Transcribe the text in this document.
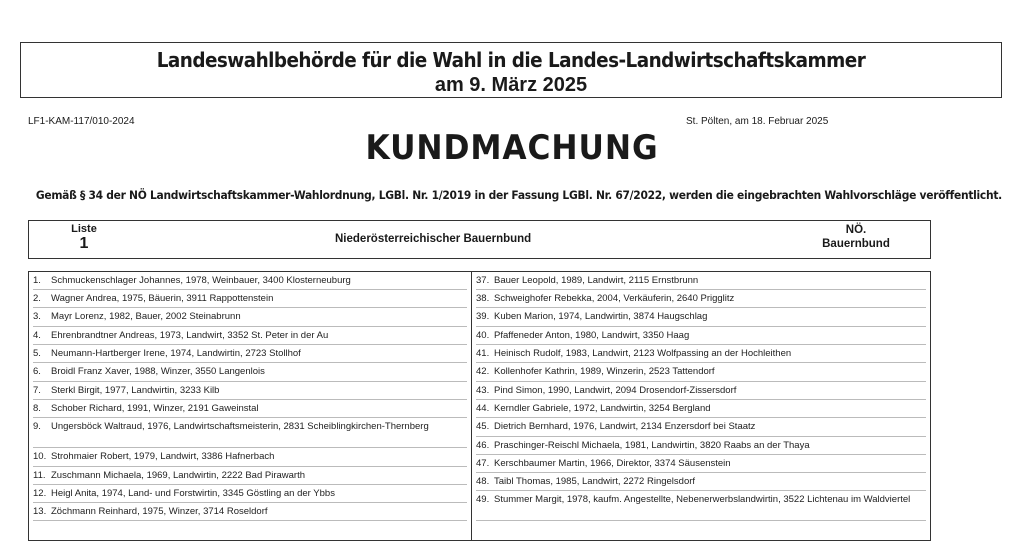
Landeswahlbehörde für die Wahl in die Landes-Landwirtschaftskammer
am 9. März 2025
LF1-KAM-117/010-2024	St. Pölten, am 18. Februar 2025
KUNDMACHUNG
Gemäß § 34 der NÖ Landwirtschaftskammer-Wahlordnung, LGBl. Nr. 1/2019 in der Fassung LGBl. Nr. 67/2022, werden die eingebrachten Wahlvorschläge veröffentlicht.
Liste
1	Niederösterreichischer Bauernbund
NÖ.
Bauernbund
1. Schmuckenschlager Johannes, 1978, Weinbauer, 3400 Klosterneuburg
2. Wagner Andrea, 1975, Bäuerin, 3911 Rappottenstein
3. Mayr Lorenz, 1982, Bauer, 2002 Steinabrunn
4. Ehrenbrandtner Andreas, 1973, Landwirt, 3352 St. Peter in der Au
5. Neumann-Hartberger Irene, 1974, Landwirtin, 2723 Stollhof
6. Broidl Franz Xaver, 1988, Winzer, 3550 Langenlois
7. Sterkl Birgit, 1977, Landwirtin, 3233 Kilb
8. Schober Richard, 1991, Winzer, 2191 Gaweinstal
9. Ungersböck Waltraud, 1976, Landwirtschaftsmeisterin, 2831 Scheiblingkirchen-Thernberg
10. Strohmaier Robert, 1979, Landwirt, 3386 Hafnerbach
11. Zuschmann Michaela, 1969, Landwirtin, 2222 Bad Pirawarth
12. Heigl Anita, 1974, Land- und Forstwirtin, 3345 Göstling an der Ybbs
13. Zöchmann Reinhard, 1975, Winzer, 3714 Roseldorf
37. Bauer Leopold, 1989, Landwirt, 2115 Ernstbrunn
38. Schweighofer Rebekka, 2004, Verkäuferin, 2640 Prigglitz
39. Kuben Marion, 1974, Landwirtin, 3874 Haugschlag
40. Pfaffeneder Anton, 1980, Landwirt, 3350 Haag
41. Heinisch Rudolf, 1983, Landwirt, 2123 Wolfpassing an der Hochleithen
42. Kollenhofer Kathrin, 1989, Winzerin, 2523 Tattendorf
43. Pind Simon, 1990, Landwirt, 2094 Drosendorf-Zissersdorf
44. Kerndler Gabriele, 1972, Landwirtin, 3254 Bergland
45. Dietrich Bernhard, 1976, Landwirt, 2134 Enzersdorf bei Staatz
46. Praschinger-Reischl Michaela, 1981, Landwirtin, 3820 Raabs an der Thaya
47. Kerschbaumer Martin, 1966, Direktor, 3374 Säusenstein
48. Taibl Thomas, 1985, Landwirt, 2272 Ringelsdorf
49. Stummer Margit, 1978, kaufm. Angestellte, Nebenerwerbslandwirtin, 3522 Lichtenau im Waldviertel
